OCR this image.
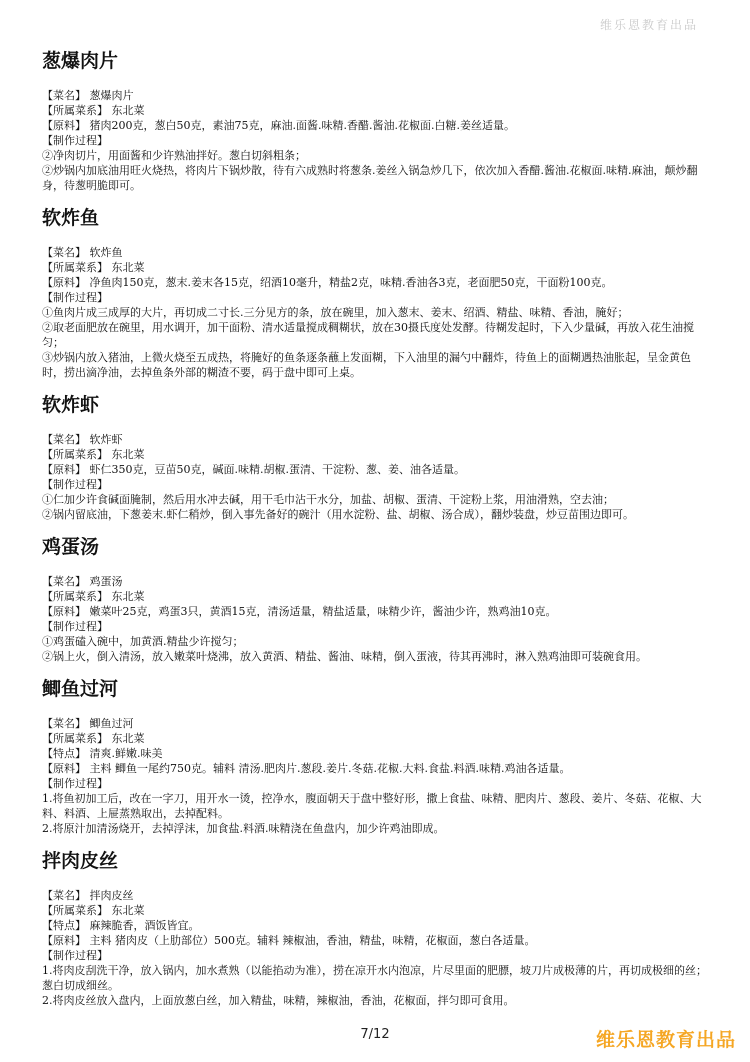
维乐恩教育出品
葱爆肉片
【菜名】 葱爆肉片
【所属菜系】 东北菜
【原料】 猪肉200克，葱白50克，素油75克，麻油.面酱.味精.香醋.酱油.花椒面.白糖.姜丝适量。
【制作过程】
②净肉切片，用面酱和少许熟油拌好。葱白切斜粗条；
②炒锅内加底油用旺火烧热，将肉片下锅炒散，待有六成熟时将葱条.姜丝入锅急炒几下，依次加入香醋.酱油.花椒面.味精.麻油，颠炒翻身，待葱明脆即可。
软炸鱼
【菜名】 软炸鱼
【所属菜系】 东北菜
【原料】 净鱼肉150克，葱末.姜末各15克，绍酒10毫升，精盐2克，味精.香油各3克，老面肥50克，干面粉100克。
【制作过程】
①鱼肉片成三成厚的大片，再切成二寸长.三分见方的条，放在碗里，加入葱末、姜末、绍酒、精盐、味精、香油，腌好；
②取老面肥放在碗里，用水调开，加干面粉、清水适量搅成稠糊状，放在30摄氏度处发酵。待糊发起时，下入少量碱，再放入花生油搅匀；
③炒锅内放入猪油，上微火烧至五成热，将腌好的鱼条逐条蘸上发面糊，下入油里的漏勺中翻炸，待鱼上的面糊遇热油胀起，呈金黄色时，捞出滴净油，去掉鱼条外部的糊渣不要，码于盘中即可上桌。
软炸虾
【菜名】 软炸虾
【所属菜系】 东北菜
【原料】 虾仁350克，豆苗50克，碱面.味精.胡椒.蛋清、干淀粉、葱、姜、油各适量。
【制作过程】
①仁加少许食碱面腌制，然后用水冲去碱，用干毛巾沾干水分，加盐、胡椒、蛋清、干淀粉上浆，用油滑熟，空去油；
②锅内留底油，下葱姜末.虾仁稍炒，倒入事先备好的碗汁（用水淀粉、盐、胡椒、汤合成），翻炒装盘，炒豆苗围边即可。
鸡蛋汤
【菜名】 鸡蛋汤
【所属菜系】 东北菜
【原料】 嫩菜叶25克，鸡蛋3只，黄酒15克，清汤适量，精盐适量，味精少许，酱油少许，熟鸡油10克。
【制作过程】
①鸡蛋磕入碗中，加黄酒.精盐少许搅匀；
②锅上火，倒入清汤，放入嫩菜叶烧沸，放入黄酒、精盐、酱油、味精，倒入蛋液，待其再沸时，淋入熟鸡油即可装碗食用。
鲫鱼过河
【菜名】 鲫鱼过河
【所属菜系】 东北菜
【特点】 清爽.鲜嫩.味美
【原料】 主料 鲫鱼一尾约750克。辅料 清汤.肥肉片.葱段.姜片.冬菇.花椒.大料.食盐.料酒.味精.鸡油各适量。
【制作过程】
1.将鱼初加工后，改在一字刀，用开水一烫，控净水，腹面朝天于盘中整好形，撒上食盐、味精、肥肉片、葱段、姜片、冬菇、花椒、大料、料酒、上屉蒸熟取出，去掉配料。
2.将原汁加清汤烧开，去掉浮沫，加食盐.料酒.味精浇在鱼盘内，加少许鸡油即成。
拌肉皮丝
【菜名】 拌肉皮丝
【所属菜系】 东北菜
【特点】 麻辣脆香，酒饭皆宜。
【原料】 主料 猪肉皮（上肋部位）500克。辅料 辣椒油，香油，精盐，味精，花椒面，葱白各适量。
【制作过程】
1.将肉皮刮洗干净，放入锅内，加水煮熟（以能掐动为准），捞在凉开水内泡凉，片尽里面的肥膘，坡刀片成极薄的片，再切成极细的丝；葱白切成细丝。
2.将肉皮丝放入盘内，上面放葱白丝，加入精盐，味精，辣椒油，香油，花椒面，拌匀即可食用。
7/12	维乐恩教育出品
